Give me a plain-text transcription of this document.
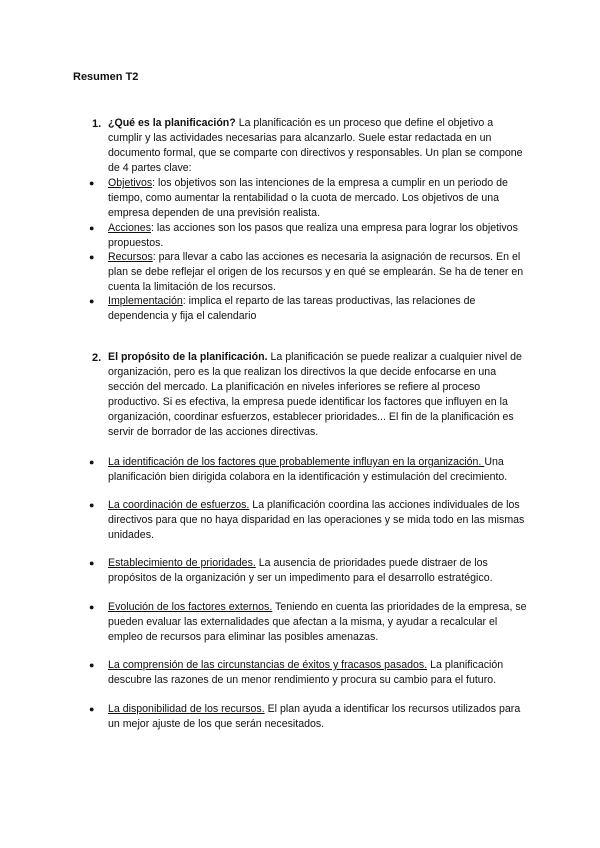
Resumen T2
1. ¿Qué es la planificación? La planificación es un proceso que define el objetivo a cumplir y las actividades necesarias para alcanzarlo. Suele estar redactada en un documento formal, que se comparte con directivos y responsables. Un plan se compone de 4 partes clave:

● Objetivos: los objetivos son las intenciones de la empresa a cumplir en un periodo de tiempo, como aumentar la rentabilidad o la cuota de mercado. Los objetivos de una empresa dependen de una previsión realista.

● Acciones: las acciones son los pasos que realiza una empresa para lograr los objetivos propuestos.

● Recursos: para llevar a cabo las acciones es necesaria la asignación de recursos. En el plan se debe reflejar el origen de los recursos y en qué se emplearán. Se ha de tener en cuenta la limitación de los recursos.

● Implementación: implica el reparto de las tareas productivas, las relaciones de dependencia y fija el calendario

2. El propósito de la planificación. La planificación se puede realizar a cualquier nivel de organización, pero es la que realizan los directivos la que decide enfocarse en una sección del mercado. La planificación en niveles inferiores se refiere al proceso productivo. Si es efectiva, la empresa puede identificar los factores que influyen en la organización, coordinar esfuerzos, establecer prioridades... El fin de la planificación es servir de borrador de las acciones directivas.

● La identificación de los factores que probablemente influyan en la organización. Una planificación bien dirigida colabora en la identificación y estimulación del crecimiento.

● La coordinación de esfuerzos. La planificación coordina las acciones individuales de los directivos para que no haya disparidad en las operaciones y se mida todo en las mismas unidades.

● Establecimiento de prioridades. La ausencia de prioridades puede distraer de los propósitos de la organización y ser un impedimento para el desarrollo estratégico.

● Evolución de los factores externos. Teniendo en cuenta las prioridades de la empresa, se pueden evaluar las externalidades que afectan a la misma, y ayudar a recalcular el empleo de recursos para eliminar las posibles amenazas.

● La comprensión de las circunstancias de éxitos y fracasos pasados. La planificación descubre las razones de un menor rendimiento y procura su cambio para el futuro.

● La disponibilidad de los recursos. El plan ayuda a identificar los recursos utilizados para un mejor ajuste de los que serán necesitados.
